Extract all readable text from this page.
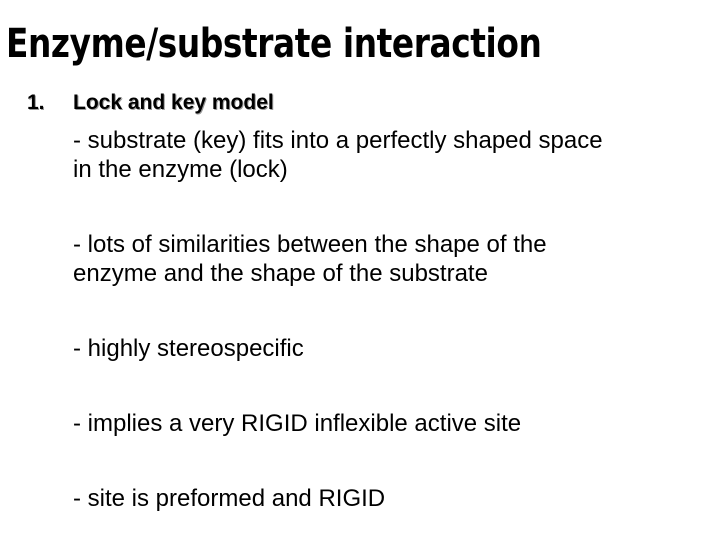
Enzyme/substrate interaction
1. Lock and key model
- substrate (key) fits into a perfectly shaped space
in the enzyme (lock)
- lots of similarities between the shape of the
enzyme and the shape of the substrate
- highly stereospecific
- implies a very RIGID inflexible active site
- site is preformed and RIGID
